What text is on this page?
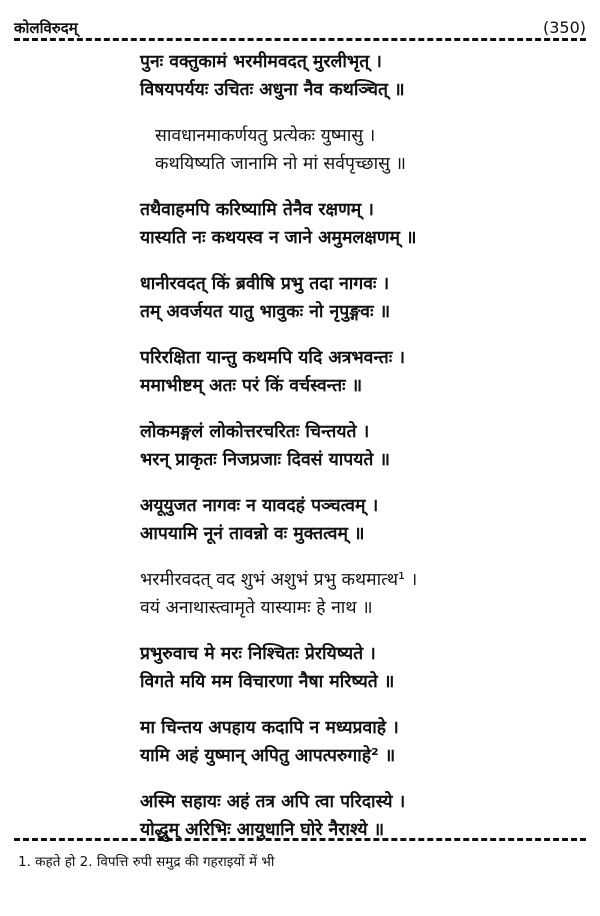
कोलविरुदम्	(350)
पुनः वक्तुकामं भरमीमवदत् मुरलीभृत् ।
विषयपर्ययः उचितः अधुना नैव कथञ्चित् ॥
सावधानमाकर्णयतु प्रत्येकः युष्मासु ।
कथयिष्यति जानामि नो मां सर्वपृच्छासु ॥
तथैवाहमपि करिष्यामि तेनैव रक्षणम् ।
यास्यति नः कथयस्व न जाने अमुमलक्षणम् ॥
धानीरवदत् किं ब्रवीषि प्रभु तदा नागवः ।
तम् अवर्जयत यातु भावुकः नो नृपुङ्गवः ॥
परिरक्षिता यान्तु कथमपि यदि अत्रभवन्तः ।
ममाभीष्टम् अतः परं किं वर्चस्वन्तः ॥
लोकमङ्गलं लोकोत्तरचरितः चिन्तयते ।
भरन् प्राकृतः निजप्रजाः दिवसं यापयते ॥
अयूयुजत नागवः न यावदहं पञ्चत्वम् ।
आपयामि नूनं तावन्नो वः मुक्तत्वम् ॥
भरमीरवदत् वद शुभं अशुभं प्रभु कथमात्थ¹ ।
वयं अनाथास्त्वामृते यास्यामः हे नाथ ॥
प्रभुरुवाच मे मरः निश्चितः प्रेरयिष्यते ।
विगते मयि मम विचारणा नैषा मरिष्यते ॥
मा चिन्तय अपहाय कदापि न मध्यप्रवाहे ।
यामि अहं युष्मान् अपितु आपत्परुगाहे² ॥
अस्मि सहायः अहं तत्र अपि त्वा परिदास्ये ।
योद्धुम् अरिभिः आयुधानि घोरे नैराश्ये ॥
1. कहते हो 2. विपत्ति रुपी समुद्र की गहराइयों में भी
